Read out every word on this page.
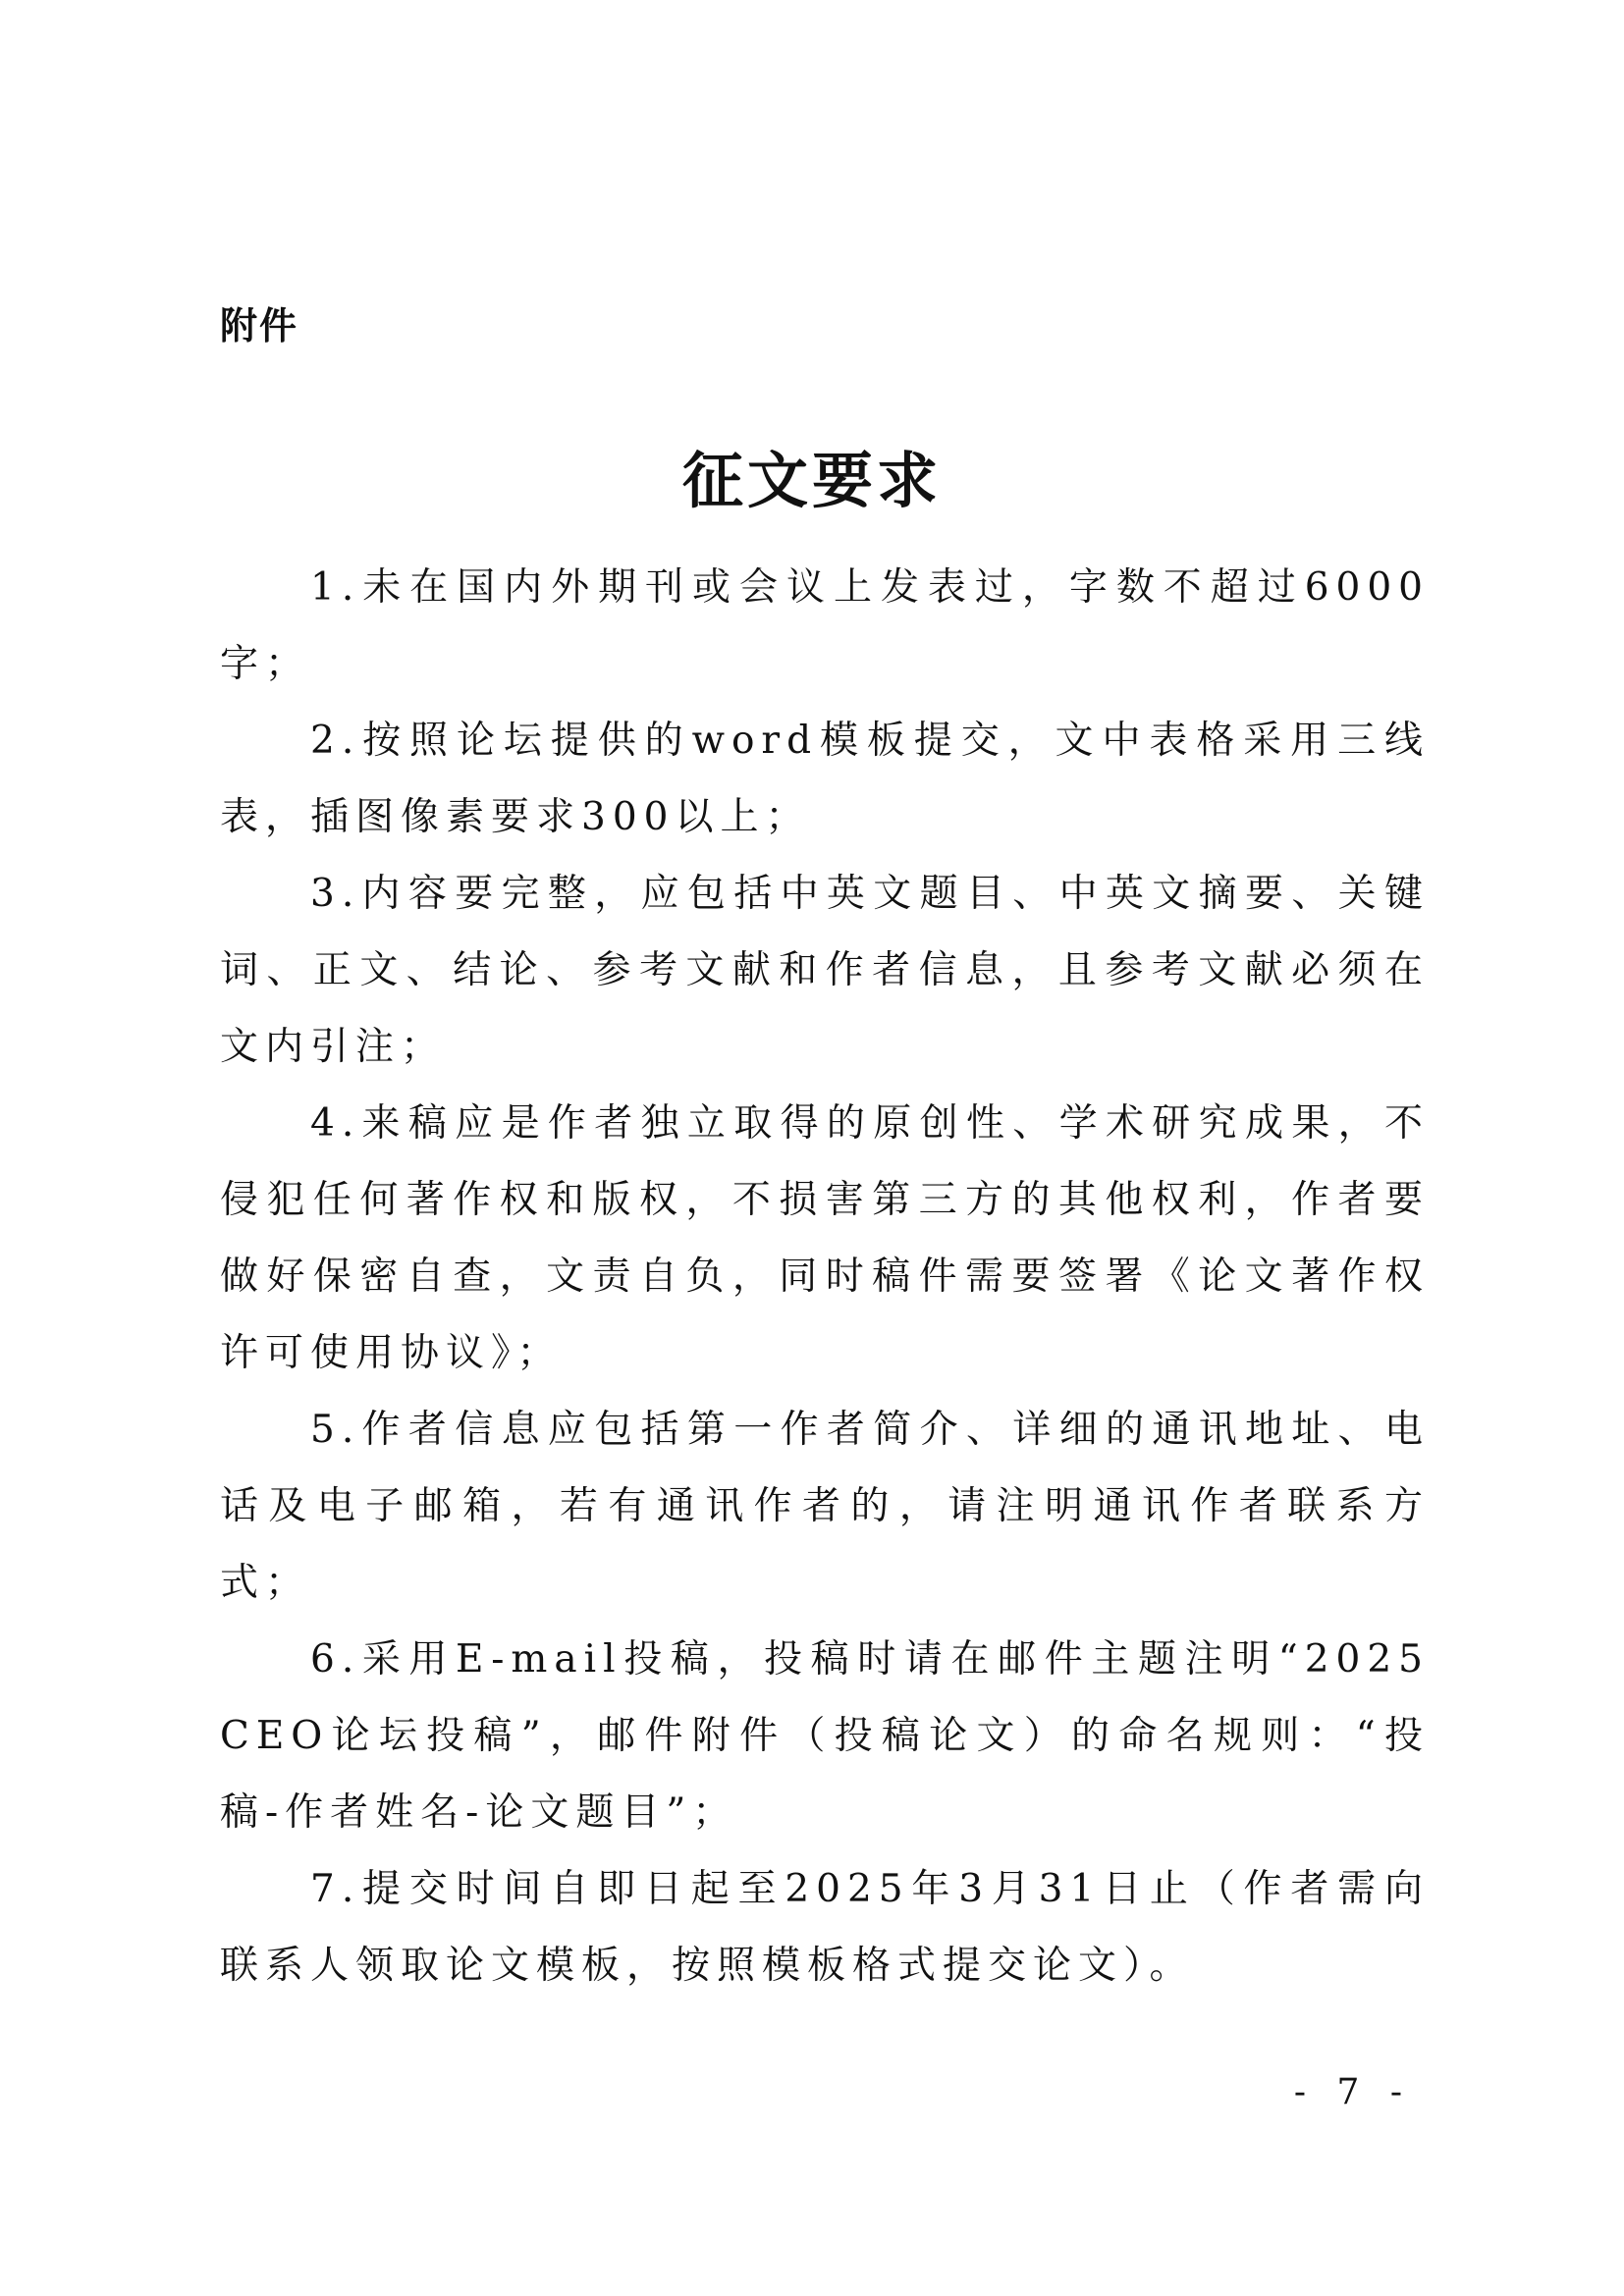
附件
征文要求

1.未在国内外期刊或会议上发表过，字数不超过6000字；

2.按照论坛提供的word模板提交，文中表格采用三线表，插图像素要求300以上；

3.内容要完整，应包括中英文题目、中英文摘要、关键词、正文、结论、参考文献和作者信息，且参考文献必须在文内引注；

4.来稿应是作者独立取得的原创性、学术研究成果，不侵犯任何著作权和版权，不损害第三方的其他权利，作者要做好保密自查，文责自负，同时稿件需要签署《论文著作权许可使用协议》；

5.作者信息应包括第一作者简介、详细的通讯地址、电话及电子邮箱，若有通讯作者的，请注明通讯作者联系方式；

6.采用E-mail投稿，投稿时请在邮件主题注明“2025 CEO论坛投稿”，邮件附件（投稿论文）的命名规则：“投稿-作者姓名-论文题目”；

7.提交时间自即日起至2025年3月31日止（作者需向联系人领取论文模板，按照模板格式提交论文）。

- 7 -
